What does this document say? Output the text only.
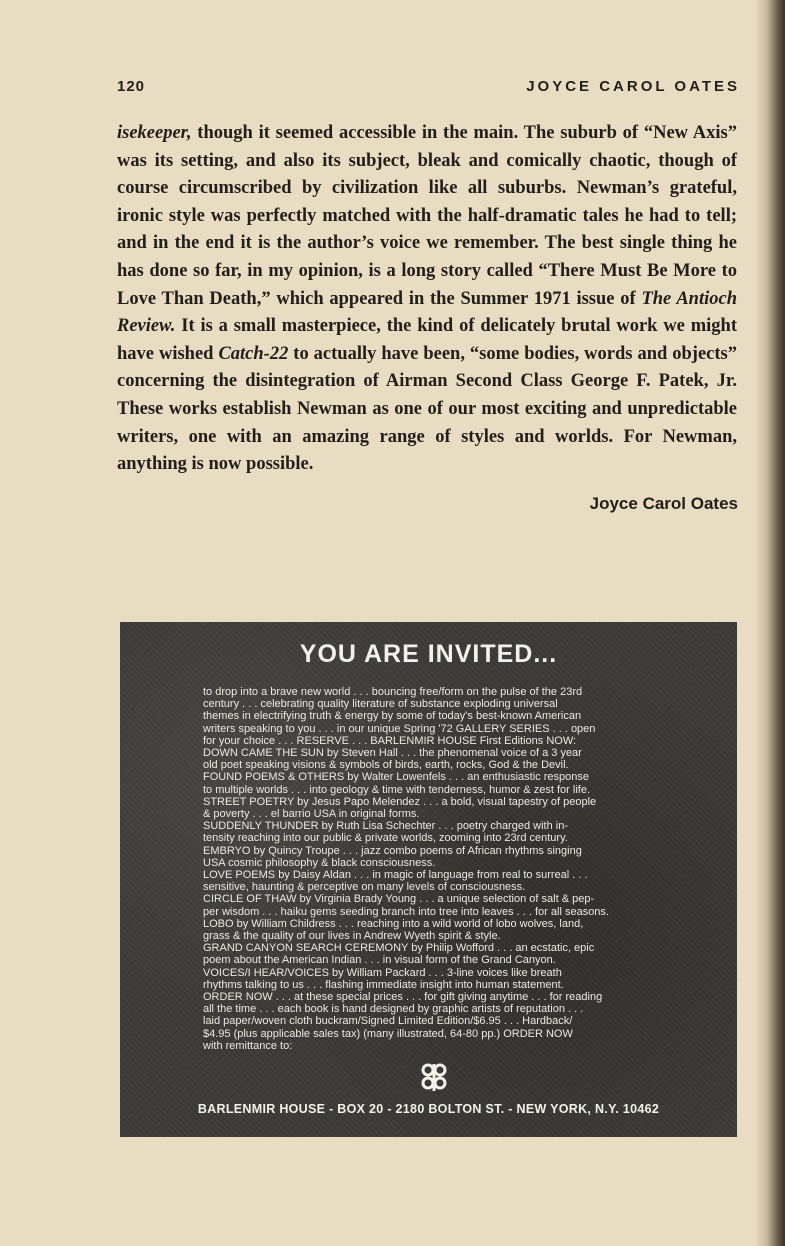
120	JOYCE CAROL OATES

isekeeper, though it seemed accessible in the main. The suburb of “New Axis” was its setting, and also its subject, bleak and comically chaotic, though of course circumscribed by civilization like all suburbs. Newman’s grateful, ironic style was perfectly matched with the half-dramatic tales he had to tell; and in the end it is the author’s voice we remember. The best single thing he has done so far, in my opinion, is a long story called “There Must Be More to Love Than Death,” which appeared in the Summer 1971 issue of The Antioch Review. It is a small masterpiece, the kind of delicately brutal work we might have wished Catch-22 to actually have been, “some bodies, words and objects” concerning the disintegration of Airman Second Class George F. Patek, Jr. These works establish Newman as one of our most exciting and unpredictable writers, one with an amazing range of styles and worlds. For Newman, anything is now possible.

Joyce Carol Oates
YOU ARE INVITED...
to drop into a brave new world . . . bouncing free/form on the pulse of the 23rd
century . . . celebrating quality literature of substance exploding universal
themes in electrifying truth & energy by some of today's best-known American
writers speaking to you . . . in our unique Spring '72 GALLERY SERIES . . . open
for your choice . . . RESERVE . . . BARLENMIR HOUSE First Editions NOW:
DOWN CAME THE SUN by Steven Hall . . . the phenomenal voice of a 3 year
old poet speaking visions & symbols of birds, earth, rocks, God & the Devil.
FOUND POEMS & OTHERS by Walter Lowenfels . . . an enthusiastic response
to multiple worlds . . . into geology & time with tenderness, humor & zest for life.
STREET POETRY by Jesus Papo Melendez . . . a bold, visual tapestry of people
& poverty . . . el barrio USA in original forms.
SUDDENLY THUNDER by Ruth Lisa Schechter . . . poetry charged with in-
tensity reaching into our public & private worlds, zooming into 23rd century.
EMBRYO by Quincy Troupe . . . jazz combo poems of African rhythms singing
USA cosmic philosophy & black consciousness.
LOVE POEMS by Daisy Aldan . . . in magic of language from real to surreal . . .
sensitive, haunting & perceptive on many levels of consciousness.
CIRCLE OF THAW by Virginia Brady Young . . . a unique selection of salt & pep-
per wisdom . . . haiku gems seeding branch into tree into leaves . . . for all seasons.
LOBO by William Childress . . . reaching into a wild world of lobo wolves, land,
grass & the quality of our lives in Andrew Wyeth spirit & style.
GRAND CANYON SEARCH CEREMONY by Philip Wofford . . . an ecstatic, epic
poem about the American Indian . . . in visual form of the Grand Canyon.
VOICES/I HEAR/VOICES by William Packard . . . 3-line voices like breath
rhythms talking to us . . . flashing immediate insight into human statement.
ORDER NOW . . . at these special prices . . . for gift giving anytime . . . for reading
all the time . . . each book is hand designed by graphic artists of reputation . . .
laid paper/woven cloth buckram/Signed Limited Edition/$6.95 . . . Hardback/
$4.95 (plus applicable sales tax) (many illustrated, 64-80 pp.) ORDER NOW
with remittance to:
BARLENMIR HOUSE - BOX 20 - 2180 BOLTON ST. - NEW YORK, N.Y. 10462
